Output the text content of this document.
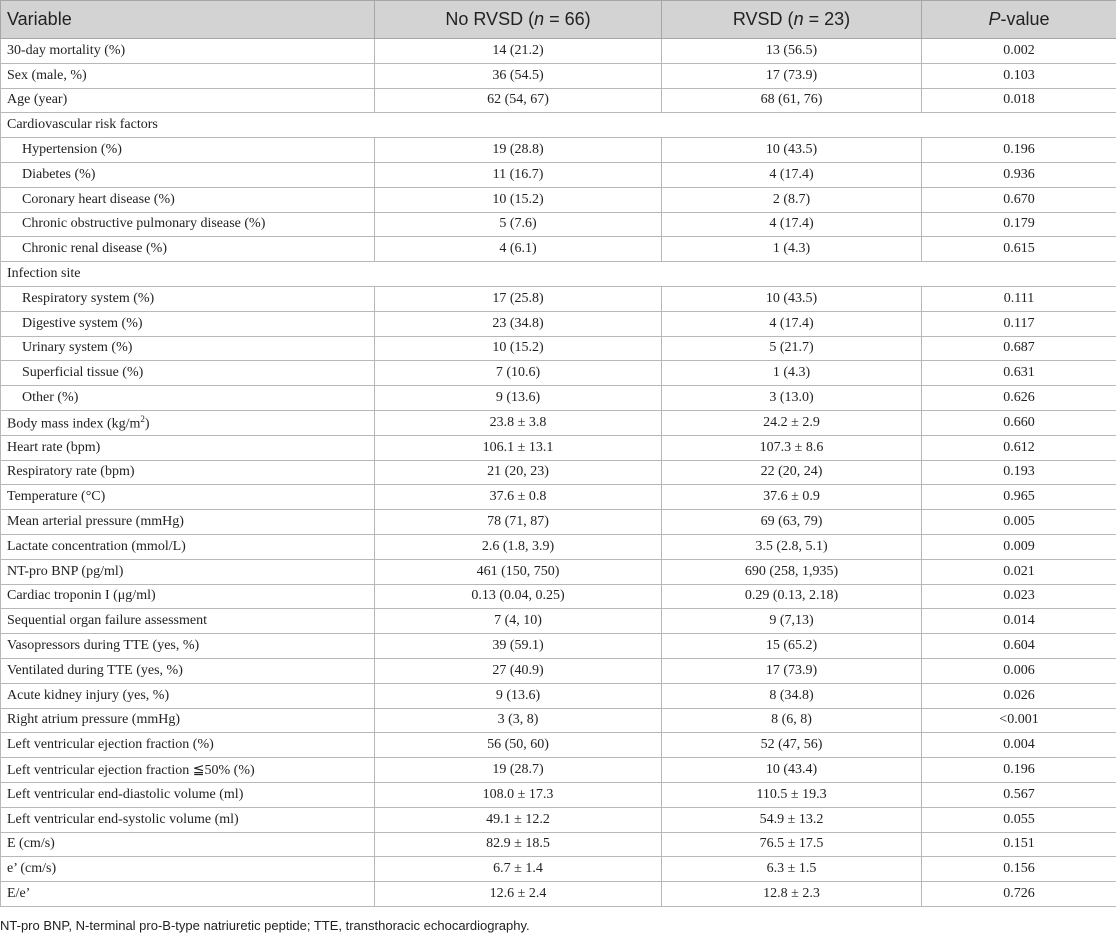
Variable	No RVSD (n = 66)	RVSD (n = 23)	P-value
30-day mortality (%)	14 (21.2)	13 (56.5)	0.002
Sex (male, %)	36 (54.5)	17 (73.9)	0.103
Age (year)	62 (54, 67)	68 (61, 76)	0.018
Cardiovascular risk factors			
Hypertension (%)	19 (28.8)	10 (43.5)	0.196
Diabetes (%)	11 (16.7)	4 (17.4)	0.936
Coronary heart disease (%)	10 (15.2)	2 (8.7)	0.670
Chronic obstructive pulmonary disease (%)	5 (7.6)	4 (17.4)	0.179
Chronic renal disease (%)	4 (6.1)	1 (4.3)	0.615
Infection site			
Respiratory system (%)	17 (25.8)	10 (43.5)	0.111
Digestive system (%)	23 (34.8)	4 (17.4)	0.117
Urinary system (%)	10 (15.2)	5 (21.7)	0.687
Superficial tissue (%)	7 (10.6)	1 (4.3)	0.631
Other (%)	9 (13.6)	3 (13.0)	0.626
Body mass index $(kg/m^2)$	23.8 ± 3.8	24.2 ± 2.9	0.660
Heart rate (bpm)	106.1 ± 13.1	107.3 ± 8.6	0.612
Respiratory rate (bpm)	21 (20, 23)	22 (20, 24)	0.193
Temperature (°C)	37.6 ± 0.8	37.6 ± 0.9	0.965
Mean arterial pressure (mmHg)	78 (71, 87)	69 (63, 79)	0.005
Lactate concentration (mmol/L)	2.6 (1.8, 3.9)	3.5 (2.8, 5.1)	0.009
NT-pro BNP (pg/ml)	461 (150, 750)	690 (258, 1,935)	0.021
Cardiac troponin I (μg/ml)	0.13 (0.04, 0.25)	0.29 (0.13, 2.18)	0.023
Sequential organ failure assessment	7 (4, 10)	9 (7,13)	0.014
Vasopressors during TTE (yes, %)	39 (59.1)	15 (65.2)	0.604
Ventilated during TTE (yes, %)	27 (40.9)	17 (73.9)	0.006
Acute kidney injury (yes, %)	9 (13.6)	8 (34.8)	0.026
Right atrium pressure (mmHg)	3 (3, 8)	8 (6, 8)	<0.001
Left ventricular ejection fraction (%)	56 (50, 60)	52 (47, 56)	0.004
Left ventricular ejection fraction ≦50% (%)	19 (28.7)	10 (43.4)	0.196
Left ventricular end-diastolic volume (ml)	108.0 ± 17.3	110.5 ± 19.3	0.567
Left ventricular end-systolic volume (ml)	49.1 ± 12.2	54.9 ± 13.2	0.055
E (cm/s)	82.9 ± 18.5	76.5 ± 17.5	0.151
e’ (cm/s)	6.7 ± 1.4	6.3 ± 1.5	0.156
E/e’	12.6 ± 2.4	12.8 ± 2.3	0.726
NT-pro BNP, N-terminal pro-B-type natriuretic peptide; TTE, transthoracic echocardiography.
